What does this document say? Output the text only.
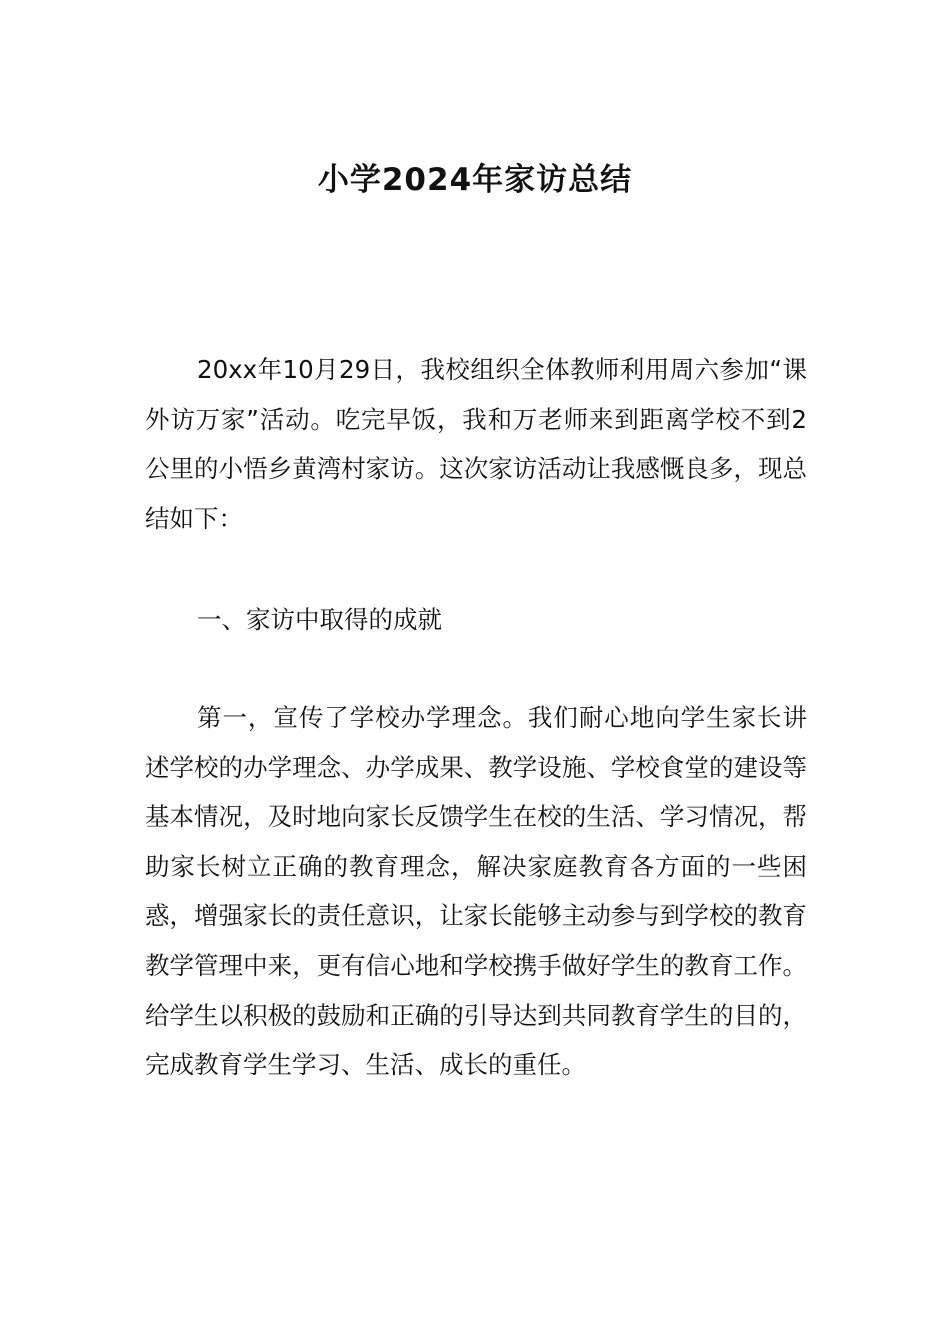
小学2024年家访总结

20xx年10月29日，我校组织全体教师利用周六参加“课外访万家”活动。吃完早饭，我和万老师来到距离学校不到2公里的小悟乡黄湾村家访。这次家访活动让我感慨良多，现总结如下：

一、家访中取得的成就

第一，宣传了学校办学理念。我们耐心地向学生家长讲述学校的办学理念、办学成果、教学设施、学校食堂的建设等基本情况，及时地向家长反馈学生在校的生活、学习情况，帮助家长树立正确的教育理念，解决家庭教育各方面的一些困惑，增强家长的责任意识，让家长能够主动参与到学校的教育教学管理中来，更有信心地和学校携手做好学生的教育工作。给学生以积极的鼓励和正确的引导达到共同教育学生的目的，完成教育学生学习、生活、成长的重任。
